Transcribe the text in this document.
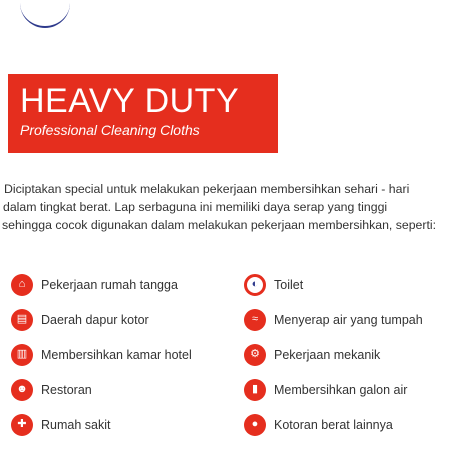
HEAVY DUTY
Professional Cleaning Cloths
Diciptakan special untuk melakukan pekerjaan membersihkan sehari - hari
dalam tingkat berat. Lap serbaguna ini memiliki daya serap yang tinggi
sehingga cocok digunakan dalam melakukan pekerjaan membersihkan, seperti:
⌂	Pekerjaan rumah tangga
▤	Daerah dapur kotor
▥	Membersihkan kamar hotel
☻	Restoran
✚	Rumah sakit
◐	Toilet
≈	Menyerap air yang tumpah
⚙	Pekerjaan mekanik
▮	Membersihkan galon air
●	Kotoran berat lainnya
